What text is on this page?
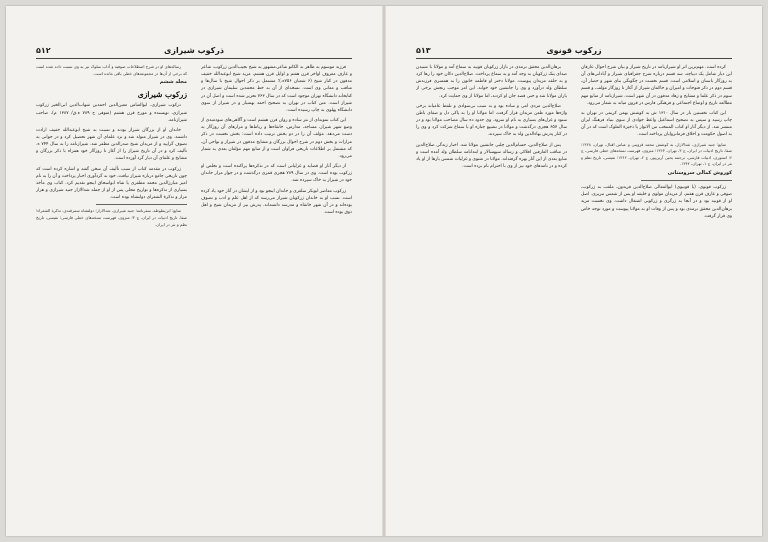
ذرکوب شیرازی
۵۱۲

فرزند موسوم به ظاهر به الکاتو شاعر،مشهور به شیخ نجیب‌الدین زرکوب، شاعر و عارف معروف اواخر قرن هفتم و اوایل قرن هشتم، مرید شیخ ابوعبدالله خفیف مدفون در کنار شیخ (۶ شعبان ۷۵۶ه.)؛ مشتمل بر ذکر احوال شیخ با سال‌ها و مناقب و معانی وی است. نسخه‌ای از آن به خط محمدبن سلیمان شیرازی در کتابخانه دانشگاه تهران موجود است که در سال ۷۶۳ تحریر شده است و اصل آن در شیراز است. متن کتاب در تهران به تصحیح احمد بهمنیار و در شیراز از سوی دانشگاه پهلوی به چاپ رسیده است.

این کتاب نمونه‌ای از نثر ساده و روان قرن هشتم است و آگاهی‌های سودمندی از وضع شهر شیراز، مساجد، مدارس، خانقاه‌ها و رباط‌ها و مزارهای آن روزگار به دست می‌دهد. مؤلف آن را در دو بخش ترتیب داده است: بخش نخست در ذکر مزارات و بخش دوم در شرح احوال بزرگان و مشایخ مدفون در شیراز و نواحی آن، که مشتمل بر اطلاعات تاریخی فراوان است و از منابع مهم مؤلفان بعدی به شمار می‌رود.

از دیگر آثار او قصاید و غزلیاتی است که در تذکره‌ها پراکنده است و تخلص او زرکوب بوده است. وی در سال ۷۸۹ هجری قمری درگذشت و در جوار مزار خاندان خود در شیراز به خاک سپرده شد.

زرکوب معاصر ابوبکر سلغری و خاندان اینجو بود و از ایشان در آثار خود یاد کرده است. نسب او به خاندان زرکوبان شیراز می‌رسد که از اهل علم و ادب و تصوف بوده‌اند و در آن شهر خانقاه و مدرسه داشته‌اند. پدرش نیز از مریدان شیخ و اهل ذوق بوده است.

رساله‌های او در شرح اصطلاحات صوفیه و آداب سلوک نیز به وی نسبت داده شده است که برخی از آن‌ها در مجموعه‌های خطی باقی مانده است.

مجلد ششم
زرکوب شیرازی

ذرکوب شیرازی، ابوالعباس معین‌الدین احمدبن شهاب‌الدین ابی‌الخیر زرکوب شیرازی، نویسنده و مورخ قرن هشتم (متوفی ح ۷۸۹ ه.ق/ ۱۳۸۷ م)، صاحب شیرازنامه.

خاندان او از بزرگان شیراز بودند و نسبت به شیخ ابوعبدالله خفیف ارادت داشتند. وی در شیراز متولد شد و نزد علمای آن شهر تحصیل کرد و در جوانی به تصوف گرایید و از مریدان شیخ صدرالدین مظفر شد. شیرازنامه را به سال ۷۴۴ ه. تألیف کرد و در آن تاریخ شیراز را از آغاز تا روزگار خود همراه با ذکر بزرگان و مشایخ و علمای آن دیار گرد آورده است.

زرکوب در مقدمه کتاب از سبب تألیف آن سخن گفته و اشاره کرده است که چون تاریخی جامع درباره شیراز نیافت، خود به گردآوری اخبار پرداخت و آن را به نام امیر مبارزالدین محمد مظفری یا شاه ابواسحاق اینجو تقدیم کرد. کتاب وی مأخذ بسیاری از تذکره‌ها و تواریخ محلی پس از او از جمله شدالازار جنید شیرازی و هزار مزار و تذکرة الشعرای دولتشاه بوده است.

منابع: ابن‌بطوطه، سفرنامه؛ جنید شیرازی، شدالازار؛ دولتشاه سمرقندی، تذکرة الشعراء؛ صفا، تاریخ ادبیات در ایران، ج ۳؛ منزوی، فهرست نسخه‌های خطی فارسی؛ نفیسی، تاریخ نظم و نثر در ایران.

زرکوب قونوی
۵۱۳

کرده است. مهم‌ترین اثر او شیرازنامه در تاریخ شیراز و بیان شرح احوال عارفان این دیار شامل یک دیباچه، سه قسم درباره شرح جغرافیای شیراز و آبادانی‌های آن به روزگار باستان و اسلامی است. قسم نخست در چگونگی بنای شهر و حصار آن، قسم دوم در ذکر فتوحات و امیران و حاکمان شیراز از آغاز تا روزگار مؤلف، و قسم سوم در ذکر علما و مشایخ و زهاد مدفون در آن شهر است. شیرازنامه از منابع مهم مطالعه تاریخ و اوضاع اجتماعی و فرهنگی فارس در قرون میانه به شمار می‌رود.

این کتاب نخستین بار در سال ۱۳۱۰ ش به کوشش بهمن کریمی در تهران به چاپ رسید و سپس به تصحیح اسماعیل واعظ جوادی از سوی بنیاد فرهنگ ایران منتشر شد. از دیگر آثار او کتاب المنتخب من الانوار یا ذخیرة الملوک است که در آن به اصول حکومت و اخلاق فرمانروایان پرداخته است.

منابع: جنید شیرازی، شدالازار، به کوشش محمد قزوینی و عباس اقبال، تهران، ۱۳۲۸؛ صفا، تاریخ ادبیات در ایران، ج ۳، تهران، ۱۳۶۳؛ منزوی، فهرست نسخه‌های خطی فارسی، ج ۶؛ استوری، ادبیات فارسی، ترجمه یحیی آرین‌پور، ج ۲، تهران، ۱۳۶۲؛ نفیسی، تاریخ نظم و نثر در ایران، ج ۱، تهران، ۱۳۴۴.

کوروش کمالی سروستانی

زرکوب قونوی، (یا قونیوی) ابوالمعالی صلاح‌الدین فریدون، ملقب به زرکوب، صوفی و عارف قرن هفتم، از مریدان مولوی و خلیفه او پس از شمس تبریزی. اصل او از قونیه بود و در آنجا به زرگری و زرکوبی اشتغال داشت. وی نخست مرید برهان‌الدین محقق ترمذی بود و پس از وفات او به مولانا پیوست و مورد توجه خاص وی قرار گرفت.

برهان‌الدین محقق ترمذی در بازار زرکوبان قونیه به سماع آمد و مولانا با شنیدن صدای پتک زرکوبان به وجد آمد و به سماع پرداخت. صلاح‌الدین دکان خود را رها کرد و به حلقه مریدان پیوست. مولانا دختر او فاطمه خاتون را به همسری فرزندش سلطان ولد درآورد و وی را جانشین خود خواند. این امر موجب رنجش برخی از یاران مولانا شد و حتی قصد جان او کردند، اما مولانا از وی حمایت کرد.

صلاح‌الدین مردی امی و ساده بود و به سبب بی‌سوادی و تلفظ عامیانه برخی واژه‌ها مورد طعن مریدان قرار گرفت، اما مولانا او را به پاکی دل و صفای باطن ستود و غزل‌های بسیاری به نام او سرود. وی حدود ده سال مصاحب مولانا بود و در سال ۶۵۷ هجری درگذشت و مولانا در تشییع جنازه او با سماع شرکت کرد و وی را در کنار پدرش بهاءالدین ولد به خاک سپردند.

پس از صلاح‌الدین، حسام‌الدین چلبی جانشین مولانا شد. اخبار زندگی صلاح‌الدین در مناقب العارفین افلاکی و رساله سپهسالار و ابتدانامه سلطان ولد آمده است و منابع بعدی از این آثار بهره گرفته‌اند. مولانا در مثنوی و غزلیات شمس بارها از او یاد کرده و در نامه‌های خود نیز از وی با احترام نام برده است.
